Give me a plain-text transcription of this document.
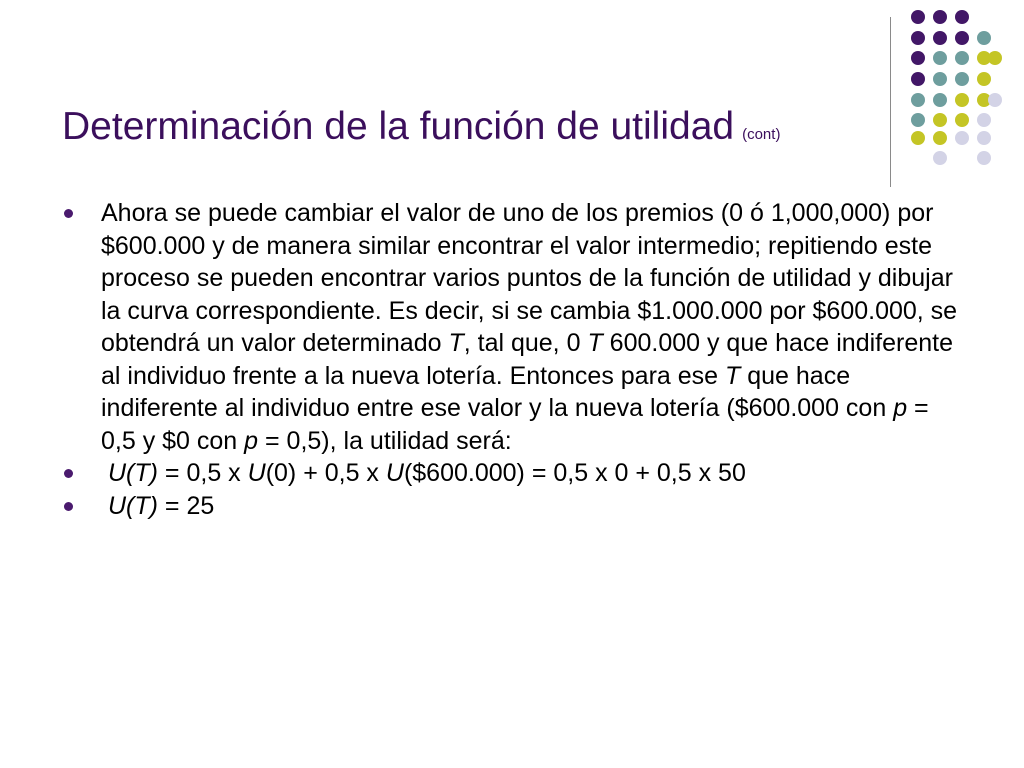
Determinación de la función de utilidad (cont)

Ahora se puede cambiar el valor de uno de los premios (0 ó 1,000,000) por $600.000 y de manera similar encontrar el valor intermedio; repitiendo este proceso se pueden encontrar varios puntos de la función de utilidad y dibujar la curva correspondiente. Es decir, si se cambia $1.000.000 por $600.000, se obtendrá un valor determinado T, tal que, 0 T 600.000 y que hace indiferente al individuo frente a la nueva lotería. Entonces para ese T que hace indiferente al individuo entre ese valor y la nueva lotería ($600.000 con p = 0,5 y $0 con p = 0,5), la utilidad será:

U(T) = 0,5 x U(0) + 0,5 x U($600.000) = 0,5 x 0 + 0,5 x 50

U(T) = 25
